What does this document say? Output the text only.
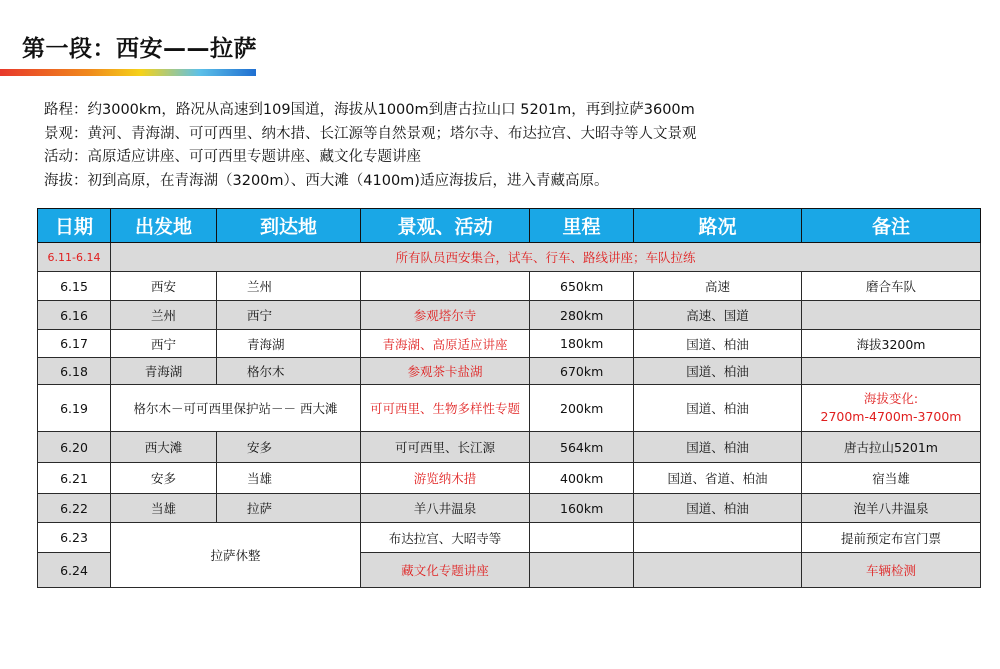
第一段：西安——拉萨
路程：约3000km，路况从高速到109国道，海拔从1000m到唐古拉山口 5201m，再到拉萨3600m
景观：黄河、青海湖、可可西里、纳木措、长江源等自然景观；塔尔寺、布达拉宫、大昭寺等人文景观
活动：高原适应讲座、可可西里专题讲座、藏文化专题讲座
海拔：初到高原，在青海湖（3200m）、西大滩（4100m)适应海拔后，进入青藏高原。
日期	出发地	到达地	景观、活动	里程	路况	备注
6.11-6.14	所有队员西安集合，试车、行车、路线讲座；车队拉练					
6.15	西安	兰州		650km	高速	磨合车队
6.16	兰州	西宁	参观塔尔寺	280km	高速、国道	
6.17	西宁	青海湖	青海湖、高原适应讲座	180km	国道、柏油	海拔3200m
6.18	青海湖	格尔木	参观茶卡盐湖	670km	国道、柏油	
6.19	格尔木－可可西里保护站－－ 西大滩		可可西里、生物多样性专题	200km	国道、柏油	海拔变化:
2700m-4700m-3700m

6.20	西大滩	安多	可可西里、长江源	564km	国道、柏油	唐古拉山5201m
6.21	安多	当雄	游览纳木措	400km	国道、省道、柏油	宿当雄
6.22	当雄	拉萨	羊八井温泉	160km	国道、柏油	泡羊八井温泉
6.23	拉萨休整		布达拉宫、大昭寺等			提前预定布宫门票
6.24			藏文化专题讲座			车辆检测
